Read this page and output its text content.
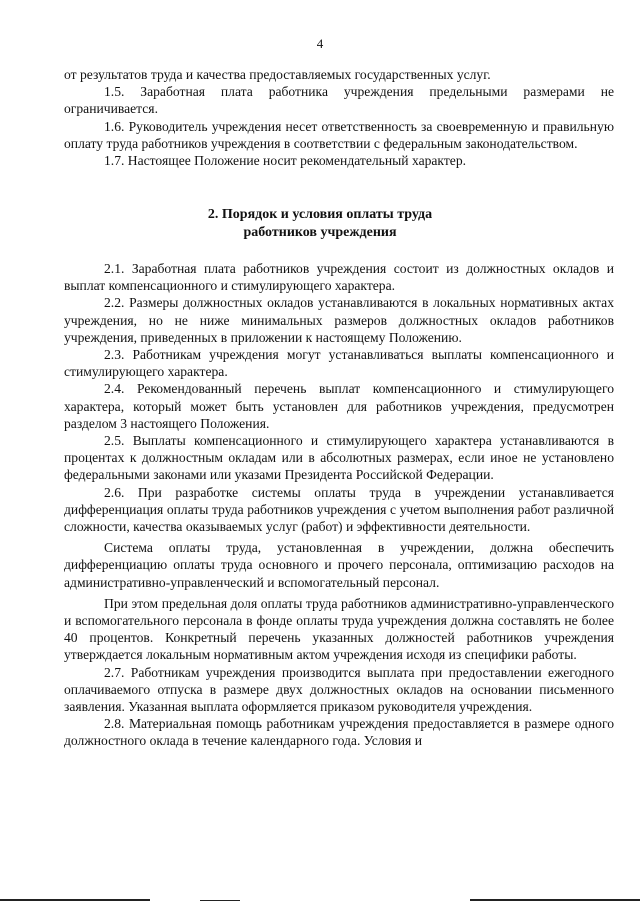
4

от результатов труда и качества предоставляемых государственных услуг.

1.5. Заработная плата работника учреждения предельными размерами не ограничивается.

1.6. Руководитель учреждения несет ответственность за своевременную и правильную оплату труда работников учреждения в соответствии с федеральным законодательством.

1.7. Настоящее Положение носит рекомендательный характер.

2. Порядок и условия оплаты труда
работников учреждения

2.1. Заработная плата работников учреждения состоит из должностных окладов и выплат компенсационного и стимулирующего характера.

2.2. Размеры должностных окладов устанавливаются в локальных нормативных актах учреждения, но не ниже минимальных размеров должностных окладов работников учреждения, приведенных в приложении к настоящему Положению.

2.3. Работникам учреждения могут устанавливаться выплаты компенсационного и стимулирующего характера.

2.4. Рекомендованный перечень выплат компенсационного и стимулирующего характера, который может быть установлен для работников учреждения, предусмотрен разделом 3 настоящего Положения.

2.5. Выплаты компенсационного и стимулирующего характера устанавливаются в процентах к должностным окладам или в абсолютных размерах, если иное не установлено федеральными законами или указами Президента Российской Федерации.

2.6. При разработке системы оплаты труда в учреждении устанавливается дифференциация оплаты труда работников учреждения с учетом выполнения работ различной сложности, качества оказываемых услуг (работ) и эффективности деятельности.

Система оплаты труда, установленная в учреждении, должна обеспечить дифференциацию оплаты труда основного и прочего персонала, оптимизацию расходов на административно-управленческий и вспомогательный персонал.

При этом предельная доля оплаты труда работников административно-управленческого и вспомогательного персонала в фонде оплаты труда учреждения должна составлять не более 40 процентов. Конкретный перечень указанных должностей работников учреждения утверждается локальным нормативным актом учреждения исходя из специфики работы.

2.7. Работникам учреждения производится выплата при предоставлении ежегодного оплачиваемого отпуска в размере двух должностных окладов на основании письменного заявления. Указанная выплата оформляется приказом руководителя учреждения.

2.8. Материальная помощь работникам учреждения предоставляется в размере одного должностного оклада в течение календарного года. Условия и
